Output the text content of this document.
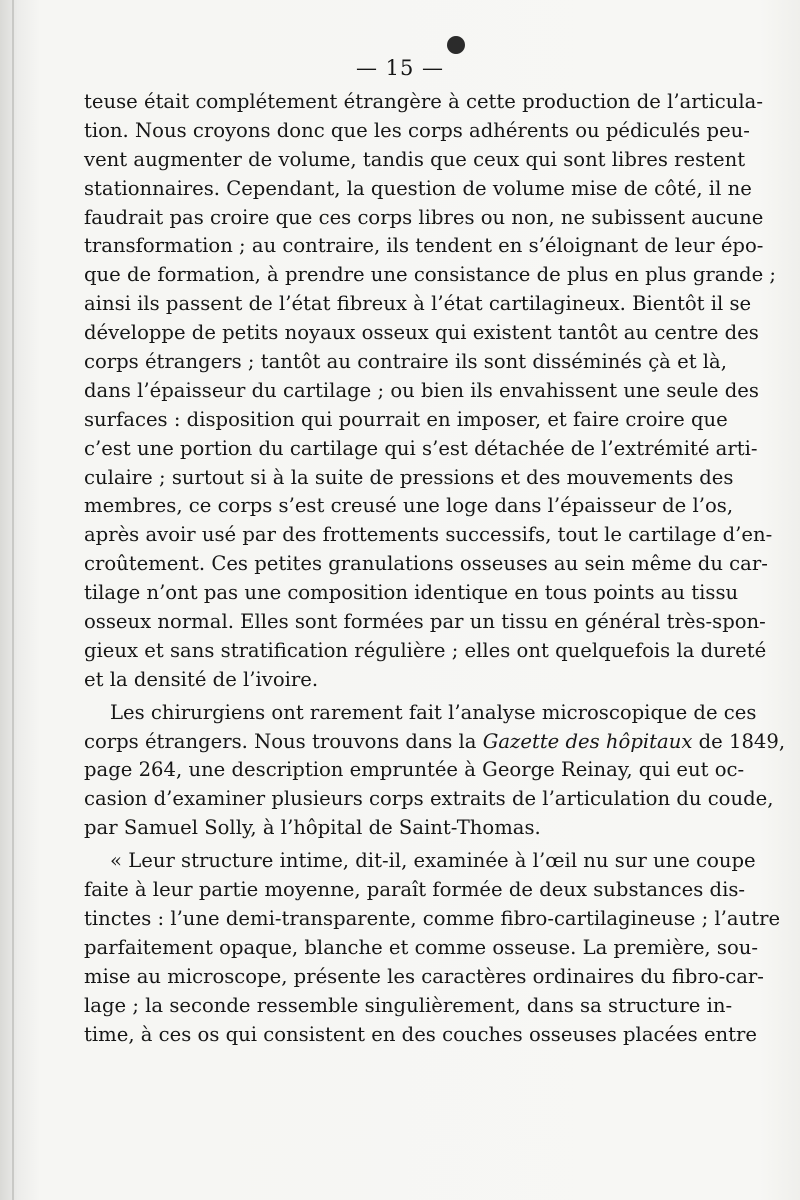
— 15 —
teuse était complétement étrangère à cette production de l’articula-
tion. Nous croyons donc que les corps adhérents ou pédiculés peu-
vent augmenter de volume, tandis que ceux qui sont libres restent
stationnaires. Cependant, la question de volume mise de côté, il ne
faudrait pas croire que ces corps libres ou non, ne subissent aucune
transformation ; au contraire, ils tendent en s’éloignant de leur épo-
que de formation, à prendre une consistance de plus en plus grande ;
ainsi ils passent de l’état fibreux à l’état cartilagineux. Bientôt il se
développe de petits noyaux osseux qui existent tantôt au centre des
corps étrangers ; tantôt au contraire ils sont disséminés çà et là,
dans l’épaisseur du cartilage ; ou bien ils envahissent une seule des
surfaces : disposition qui pourrait en imposer, et faire croire que
c’est une portion du cartilage qui s’est détachée de l’extrémité arti-
culaire ; surtout si à la suite de pressions et des mouvements des
membres, ce corps s’est creusé une loge dans l’épaisseur de l’os,
après avoir usé par des frottements successifs, tout le cartilage d’en-
croûtement. Ces petites granulations osseuses au sein même du car-
tilage n’ont pas une composition identique en tous points au tissu
osseux normal. Elles sont formées par un tissu en général très-spon-
gieux et sans stratification régulière ; elles ont quelquefois la dureté
et la densité de l’ivoire.
Les chirurgiens ont rarement fait l’analyse microscopique de ces
corps étrangers. Nous trouvons dans la Gazette des hôpitaux de 1849,
page 264, une description empruntée à George Reinay, qui eut oc-
casion d’examiner plusieurs corps extraits de l’articulation du coude,
par Samuel Solly, à l’hôpital de Saint-Thomas.
« Leur structure intime, dit-il, examinée à l’œil nu sur une coupe
faite à leur partie moyenne, paraît formée de deux substances dis-
tinctes : l’une demi-transparente, comme fibro-cartilagineuse ; l’autre
parfaitement opaque, blanche et comme osseuse. La première, sou-
mise au microscope, présente les caractères ordinaires du fibro-car-
lage ; la seconde ressemble singulièrement, dans sa structure in-
time, à ces os qui consistent en des couches osseuses placées entre
